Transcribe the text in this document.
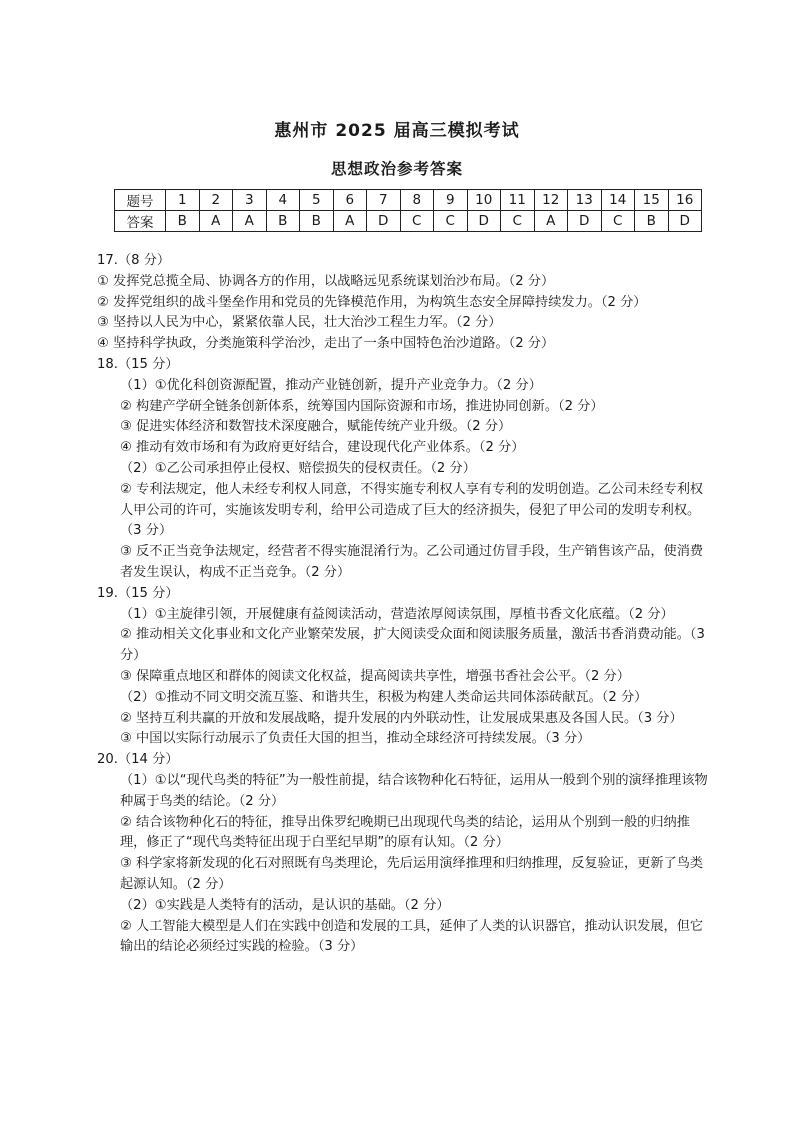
惠州市 2025 届高三模拟考试
思想政治参考答案
题号	1	2	3	4	5	6	7	8	9	10	11	12	13	14	15	16
答案	B	A	A	B	B	A	D	C	C	D	C	A	D	C	B	D

17.（8 分）

① 发挥党总揽全局、协调各方的作用，以战略远见系统谋划治沙布局。（2 分）

② 发挥党组织的战斗堡垒作用和党员的先锋模范作用，为构筑生态安全屏障持续发力。（2 分）

③ 坚持以人民为中心，紧紧依靠人民，壮大治沙工程生力军。（2 分）

④ 坚持科学执政，分类施策科学治沙，走出了一条中国特色治沙道路。（2 分）

18.（15 分）

（1）①优化科创资源配置，推动产业链创新，提升产业竞争力。（2 分）

② 构建产学研全链条创新体系，统筹国内国际资源和市场，推进协同创新。（2 分）

③ 促进实体经济和数智技术深度融合，赋能传统产业升级。（2 分）

④ 推动有效市场和有为政府更好结合，建设现代化产业体系。（2 分）

（2）①乙公司承担停止侵权、赔偿损失的侵权责任。（2 分）

② 专利法规定，他人未经专利权人同意，不得实施专利权人享有专利的发明创造。乙公司未经专利权人甲公司的许可，实施该发明专利，给甲公司造成了巨大的经济损失，侵犯了甲公司的发明专利权。（3 分）

③ 反不正当竞争法规定，经营者不得实施混淆行为。乙公司通过仿冒手段，生产销售该产品，使消费者发生误认，构成不正当竞争。（2 分）

19.（15 分）

（1）①主旋律引领，开展健康有益阅读活动，营造浓厚阅读氛围，厚植书香文化底蕴。（2 分）

② 推动相关文化事业和文化产业繁荣发展，扩大阅读受众面和阅读服务质量，激活书香消费动能。（3 分）

③ 保障重点地区和群体的阅读文化权益，提高阅读共享性，增强书香社会公平。（2 分）

（2）①推动不同文明交流互鉴、和谐共生，积极为构建人类命运共同体添砖献瓦。（2 分）

② 坚持互利共赢的开放和发展战略，提升发展的内外联动性，让发展成果惠及各国人民。（3 分）

③ 中国以实际行动展示了负责任大国的担当，推动全球经济可持续发展。（3 分）

20.（14 分）

（1）①以“现代鸟类的特征”为一般性前提，结合该物种化石特征，运用从一般到个别的演绎推理该物种属于鸟类的结论。（2 分）

② 结合该物种化石的特征，推导出侏罗纪晚期已出现现代鸟类的结论，运用从个别到一般的归纳推理，修正了“现代鸟类特征出现于白垩纪早期”的原有认知。（2 分）

③ 科学家将新发现的化石对照既有鸟类理论，先后运用演绎推理和归纳推理，反复验证，更新了鸟类起源认知。（2 分）

（2）①实践是人类特有的活动，是认识的基础。（2 分）

② 人工智能大模型是人们在实践中创造和发展的工具，延伸了人类的认识器官，推动认识发展，但它输出的结论必须经过实践的检验。（3 分）
